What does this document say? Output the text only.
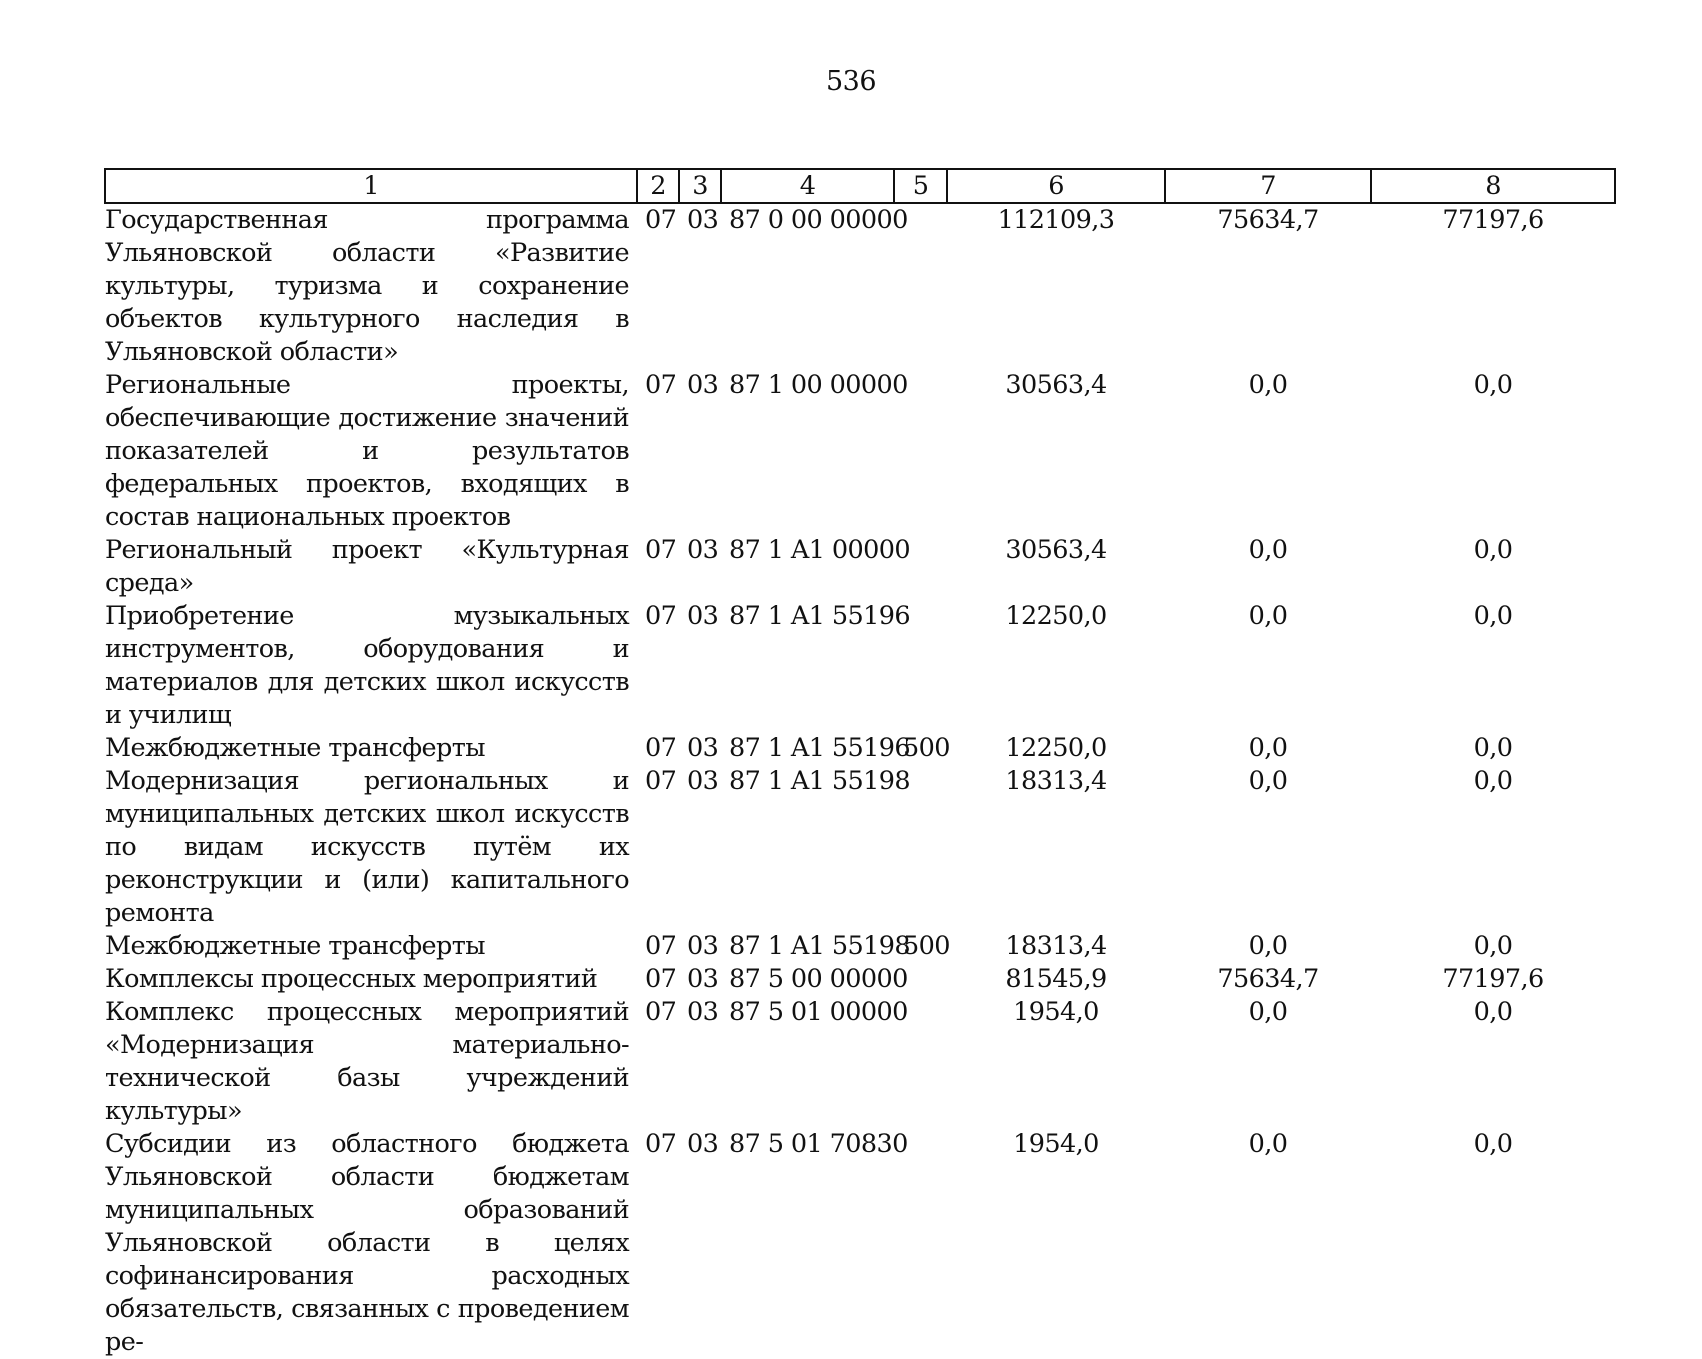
536
1	2	3	4	5	6	7	8
Государственная программа Ульяновской области «Развитие культуры, туризма и сохранение объектов культурного наследия в Ульяновской области»	07	03	87 0 00 00000		112109,3	75634,7	77197,6
Региональные проекты, обеспечивающие достижение значений показателей и результатов федеральных проектов, входящих в состав национальных проектов	07	03	87 1 00 00000		30563,4	0,0	0,0
Региональный проект «Культурная среда»	07	03	87 1 A1 00000		30563,4	0,0	0,0
Приобретение музыкальных инструментов, оборудования и материалов для детских школ искусств и училищ	07	03	87 1 A1 55196		12250,0	0,0	0,0
Межбюджетные трансферты	07	03	87 1 A1 55196	500	12250,0	0,0	0,0
Модернизация региональных и муниципальных детских школ искусств по видам искусств путём их реконструкции и (или) капитального ремонта	07	03	87 1 A1 55198		18313,4	0,0	0,0
Межбюджетные трансферты	07	03	87 1 A1 55198	500	18313,4	0,0	0,0
Комплексы процессных мероприятий	07	03	87 5 00 00000		81545,9	75634,7	77197,6
Комплекс процессных мероприятий «Модернизация материально-технической базы учреждений культуры»	07	03	87 5 01 00000		1954,0	0,0	0,0
Субсидии из областного бюджета Ульяновской области бюджетам муниципальных образований Ульяновской области в целях софинансирования расходных обязательств, связанных с проведением ре-	07	03	87 5 01 70830		1954,0	0,0	0,0
